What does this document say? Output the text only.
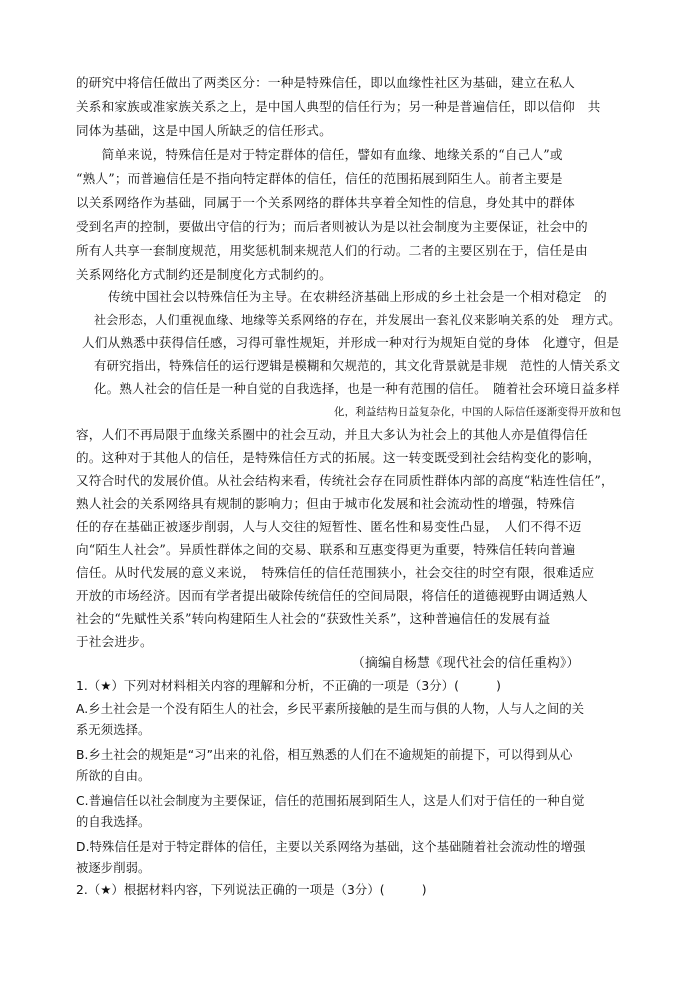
的研究中将信任做出了两类区分：一种是特殊信任，即以血缘性社区为基础，建立在私人
关系和家族或准家族关系之上，是中国人典型的信任行为；另一种是普遍信任，即以信仰　共
同体为基础，这是中国人所缺乏的信任形式。
　　简单来说，特殊信任是对于特定群体的信任，譬如有血缘、地缘关系的“自己人”或
“熟人”；而普遍信任是不指向特定群体的信任，信任的范围拓展到陌生人。前者主要是
以关系网络作为基础，同属于一个关系网络的群体共享着全知性的信息，身处其中的群体
受到名声的控制，要做出守信的行为；而后者则被认为是以社会制度为主要保证，社会中的
所有人共享一套制度规范，用奖惩机制来规范人们的行动。二者的主要区别在于，信任是由
关系网络化方式制约还是制度化方式制约的。
传统中国社会以特殊信任为主导。在农耕经济基础上形成的乡土社会是一个相对稳定　的
社会形态，人们重视血缘、地缘等关系网络的存在，并发展出一套礼仪来影响关系的处　理方式。
人们从熟悉中获得信任感，习得可靠性规矩，并形成一种对行为规矩自觉的身体　化遵守，但是
有研究指出，特殊信任的运行逻辑是模糊和欠规范的，其文化背景就是非规　范性的人情关系文
化。熟人社会的信任是一种自觉的自我选择，也是一种有范围的信任。　随着社会环境日益多样
化，利益结构日益复杂化，中国的人际信任逐渐变得开放和包
容，人们不再局限于血缘关系圈中的社会互动，并且大多认为社会上的其他人亦是值得信任
的。这种对于其他人的信任，是特殊信任方式的拓展。这一转变既受到社会结构变化的影响，
又符合时代的发展价值。从社会结构来看，传统社会存在同质性群体内部的高度“粘连性信任”，
熟人社会的关系网络具有规制的影响力；但由于城市化发展和社会流动性的增强，特殊信
任的存在基础正被逐步削弱，人与人交往的短暂性、匿名性和易变性凸显，　人们不得不迈
向“陌生人社会”。异质性群体之间的交易、联系和互惠变得更为重要，特殊信任转向普遍
信任。从时代发展的意义来说，　特殊信任的信任范围狭小，社会交往的时空有限，很难适应
开放的市场经济。因而有学者提出破除传统信任的空间局限，将信任的道德视野由调适熟人
社会的“先赋性关系”转向构建陌生人社会的“获致性关系”，这种普遍信任的发展有益
于社会进步。
（摘编自杨慧《现代社会的信任重构》）
1.（★）下列对材料相关内容的理解和分析，不正确的一项是（3分）(　　　)
A.乡土社会是一个没有陌生人的社会，乡民平素所接触的是生而与俱的人物，人与人之间的关
系无须选择。
B.乡土社会的规矩是“习”出来的礼俗，相互熟悉的人们在不逾规矩的前提下，可以得到从心
所欲的自由。
C.普遍信任以社会制度为主要保证，信任的范围拓展到陌生人，这是人们对于信任的一种自觉
的自我选择。
D.特殊信任是对于特定群体的信任，主要以关系网络为基础，这个基础随着社会流动性的增强
被逐步削弱。
2.（★）根据材料内容，下列说法正确的一项是（3分）(　　　)
